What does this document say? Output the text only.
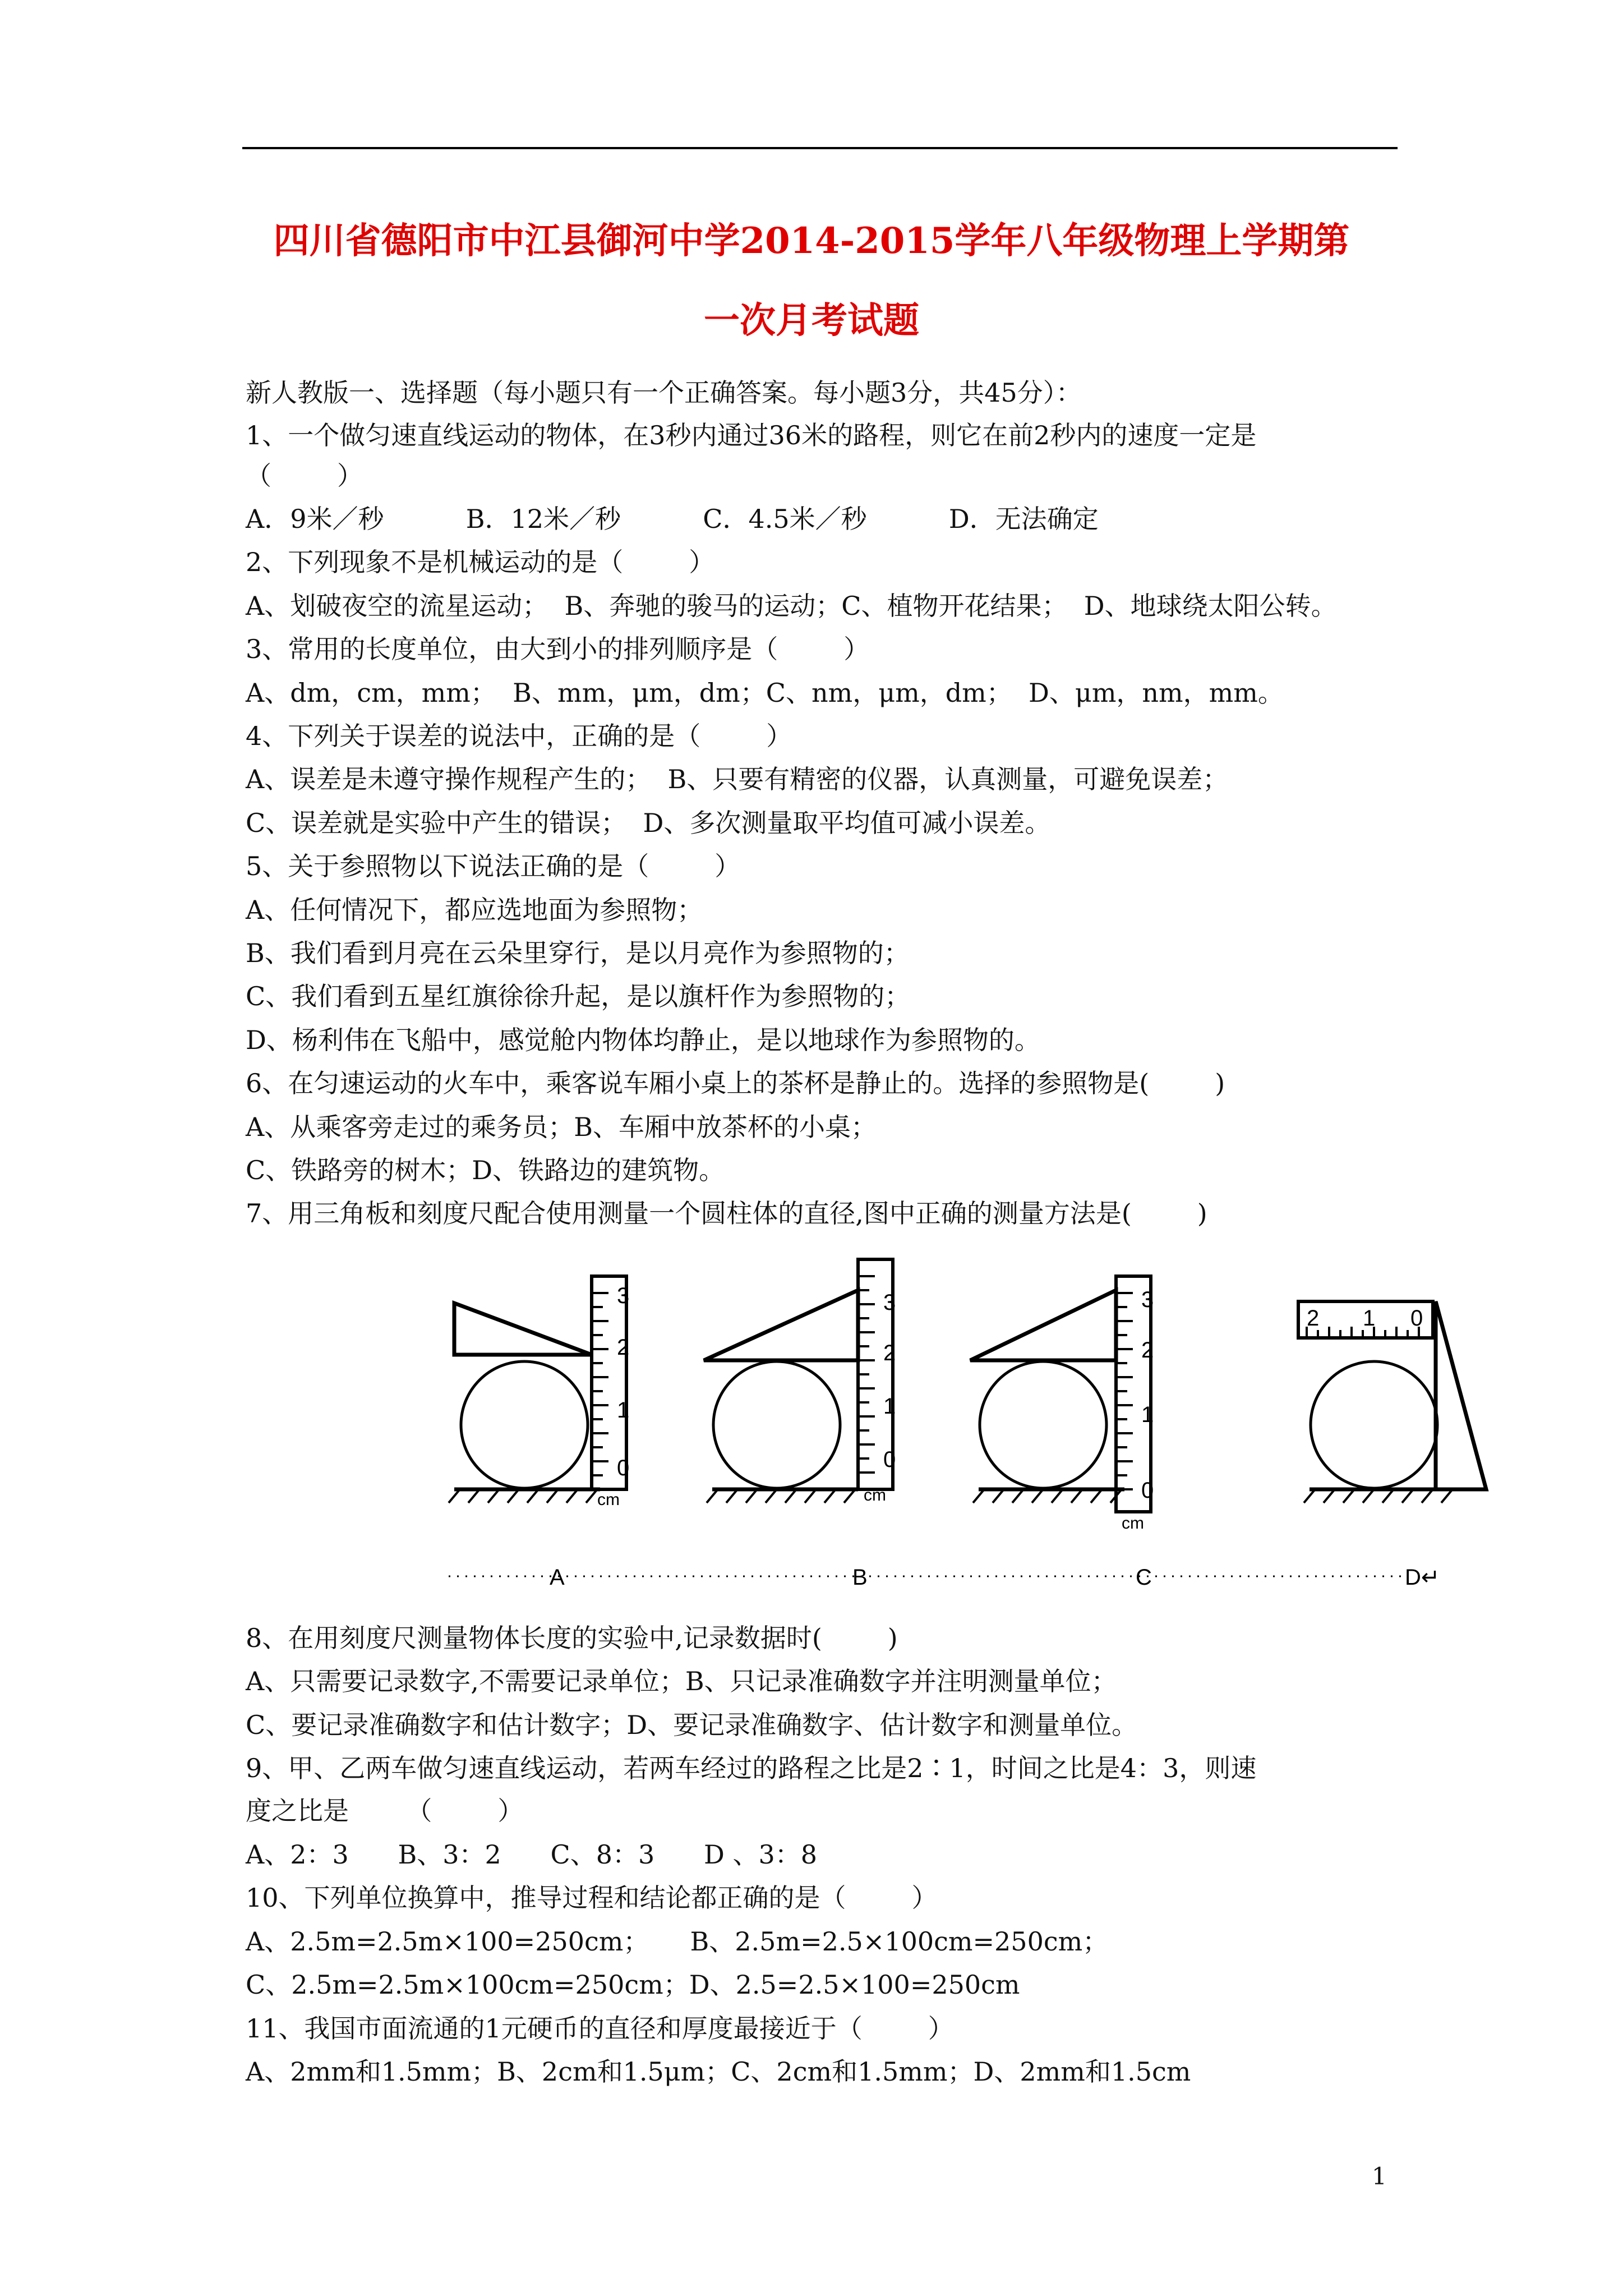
四川省德阳市中江县御河中学2014-2015学年八年级物理上学期第
一次月考试题
新人教版一、选择题（每小题只有一个正确答案。每小题3分，共45分）：
1、一个做匀速直线运动的物体，在3秒内通过36米的路程，则它在前2秒内的速度一定是
（        ）
A．9米／秒          B．12米／秒          C．4.5米／秒          D．无法确定
2、下列现象不是机械运动的是（        ）
A、划破夜空的流星运动；  B、奔驰的骏马的运动；C、植物开花结果；  D、地球绕太阳公转。
3、常用的长度单位，由大到小的排列顺序是（        ）
A、dm，cm，mm；  B、mm，μm，dm；C、nm，μm，dm；  D、μm，nm，mm。
4、下列关于误差的说法中，正确的是（        ）
A、误差是未遵守操作规程产生的；  B、只要有精密的仪器，认真测量，可避免误差；
C、误差就是实验中产生的错误；  D、多次测量取平均值可减小误差。
5、关于参照物以下说法正确的是（        ）
A、任何情况下，都应选地面为参照物；
B、我们看到月亮在云朵里穿行，是以月亮作为参照物的；
C、我们看到五星红旗徐徐升起，是以旗杆作为参照物的；
D、杨利伟在飞船中，感觉舱内物体均静止，是以地球作为参照物的。
6、在匀速运动的火车中，乘客说车厢小桌上的茶杯是静止的。选择的参照物是(        )
A、从乘客旁走过的乘务员；B、车厢中放茶杯的小桌；
C、铁路旁的树木；D、铁路边的建筑物。
7、用三角板和刻度尺配合使用测量一个圆柱体的直径,图中正确的测量方法是(        )
3
2
1
0
cm
3
2
1
0
cm
3
2
1
0
cm
2 1 0
A	B	C	D↵
8、在用刻度尺测量物体长度的实验中,记录数据时(        )
A、只需要记录数字,不需要记录单位；B、只记录准确数字并注明测量单位；
C、要记录准确数字和估计数字；D、要记录准确数字、估计数字和测量单位。
9、甲、乙两车做匀速直线运动，若两车经过的路程之比是2∶1，时间之比是4：3，则速
度之比是       （        ）
A、2：3      B、3：2      C、8：3      D 、3：8
10、下列单位换算中，推导过程和结论都正确的是（        ）
A、2.5m=2.5m×100=250cm；     B、2.5m=2.5×100cm=250cm；
C、2.5m=2.5m×100cm=250cm；D、2.5=2.5×100=250cm
11、我国市面流通的1元硬币的直径和厚度最接近于（        ）
A、2mm和1.5mm；B、2cm和1.5μm；C、2cm和1.5mm；D、2mm和1.5cm
1
